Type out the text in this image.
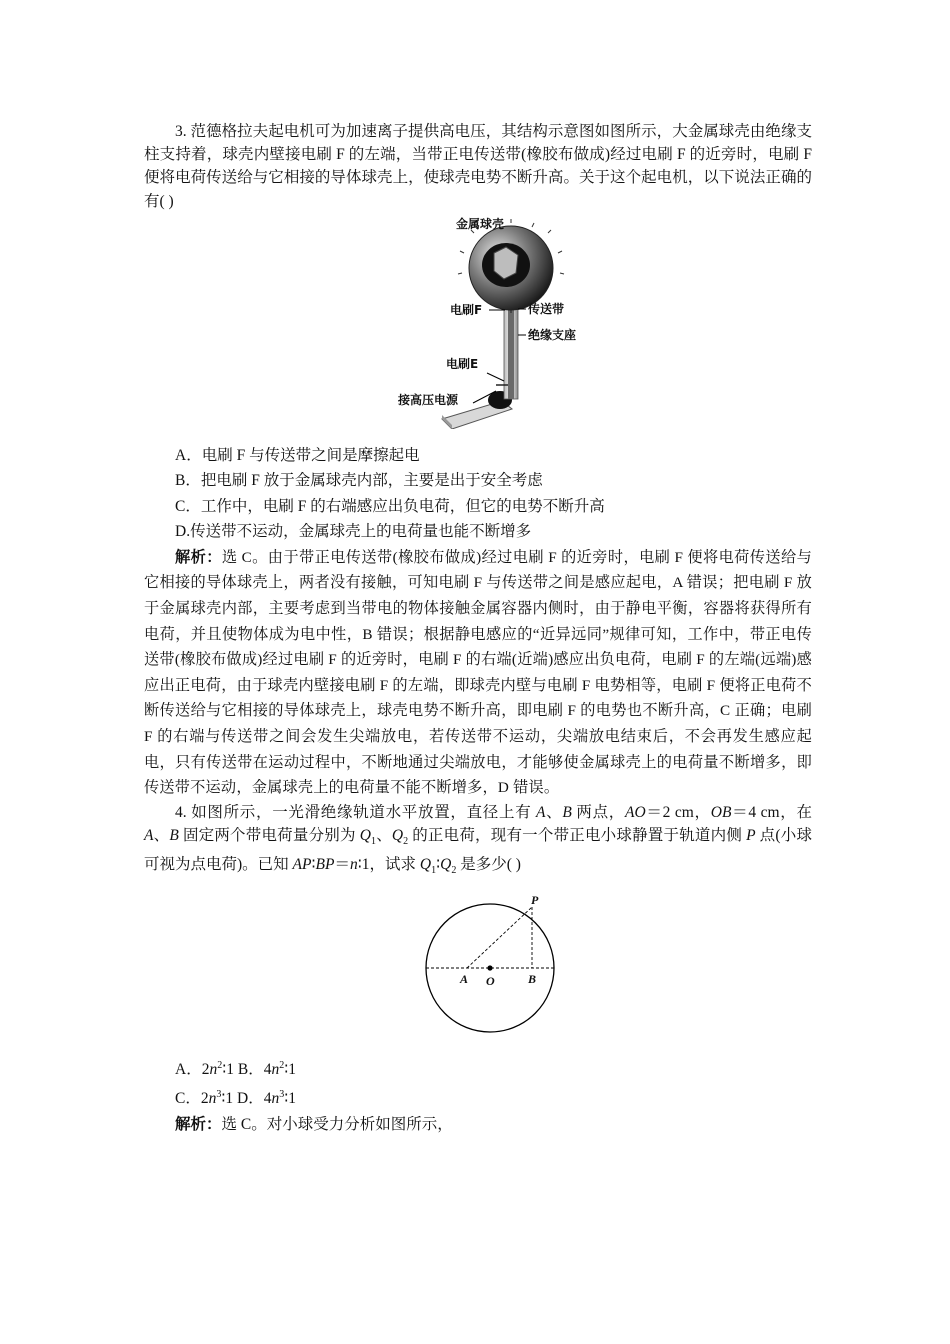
3. 范德格拉夫起电机可为加速离子提供高电压，其结构示意图如图所示，大金属球壳由绝缘支柱支持着，球壳内壁接电刷 F 的左端，当带正电传送带(橡胶布做成)经过电刷 F 的近旁时，电刷 F 便将电荷传送给与它相接的导体球壳上，使球壳电势不断升高。关于这个起电机，以下说法正确的有( )

金属球壳
电刷F	传送带
绝缘支座
电刷E
接高压电源

A．电刷 F 与传送带之间是摩擦起电

B．把电刷 F 放于金属球壳内部，主要是出于安全考虑

C．工作中，电刷 F 的右端感应出负电荷，但它的电势不断升高

D.传送带不运动，金属球壳上的电荷量也能不断增多

解析：选 C。由于带正电传送带(橡胶布做成)经过电刷 F 的近旁时，电刷 F 便将电荷传送给与它相接的导体球壳上，两者没有接触，可知电刷 F 与传送带之间是感应起电，A 错误；把电刷 F 放于金属球壳内部，主要考虑到当带电的物体接触金属容器内侧时，由于静电平衡，容器将获得所有电荷，并且使物体成为电中性，B 错误；根据静电感应的“近异远同”规律可知，工作中，带正电传送带(橡胶布做成)经过电刷 F 的近旁时，电刷 F 的右端(近端)感应出负电荷，电刷 F 的左端(远端)感应出正电荷，由于球壳内壁接电刷 F 的左端，即球壳内壁与电刷 F 电势相等，电刷 F 便将正电荷不断传送给与它相接的导体球壳上，球壳电势不断升高，即电刷 F 的电势也不断升高，C 正确；电刷 F 的右端与传送带之间会发生尖端放电，若传送带不运动，尖端放电结束后，不会再发生感应起电，只有传送带在运动过程中，不断地通过尖端放电，才能够使金属球壳上的电荷量不断增多，即传送带不运动，金属球壳上的电荷量不能不断增多，D 错误。

4. 如图所示，一光滑绝缘轨道水平放置，直径上有 A、B 两点，AO＝2 cm，OB＝4 cm，在 A、B 固定两个带电荷量分别为 $Q_1$、$Q_2$ 的正电荷，现有一个带正电小球静置于轨道内侧 P 点(小球可视为点电荷)。已知 AP∶BP＝n∶1，试求 $Q_1∶Q_2$ 是多少( )

P
A O	B

A．$2n^2∶1$ B．$4n^2∶1$

C．$2n^3∶1$ D．$4n^3∶1$

解析：选 C。对小球受力分析如图所示，
